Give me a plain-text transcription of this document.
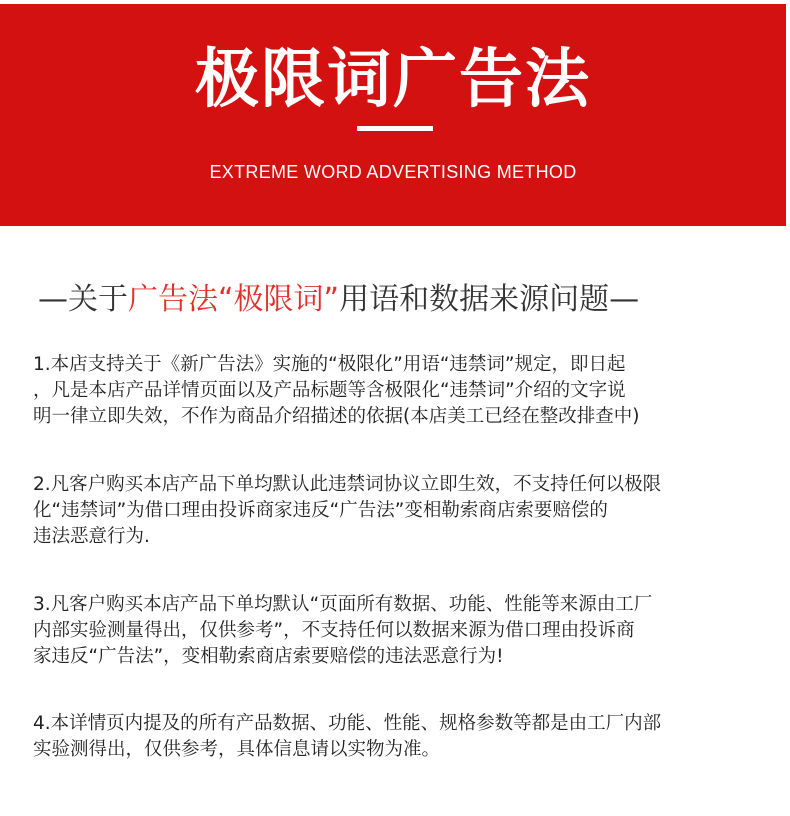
极限词广告法
EXTREME WORD ADVERTISING METHOD
—关于广告法“极限词”用语和数据来源问题—
1.本店支持关于《新广告法》实施的“极限化”用语“违禁词”规定，即日起
，凡是本店产品详情页面以及产品标题等含极限化“违禁词”介绍的文字说
明一律立即失效，不作为商品介绍描述的依据(本店美工已经在整改排查中)
2.凡客户购买本店产品下单均默认此违禁词协议立即生效，不支持任何以极限
化“违禁词”为借口理由投诉商家违反“广告法”变相勒索商店索要赔偿的
违法恶意行为.
3.凡客户购买本店产品下单均默认“页面所有数据、功能、性能等来源由工厂
内部实验测量得出，仅供参考”，不支持任何以数据来源为借口理由投诉商
家违反“广告法”，变相勒索商店索要赔偿的违法恶意行为!
4.本详情页内提及的所有产品数据、功能、性能、规格参数等都是由工厂内部
实验测得出，仅供参考，具体信息请以实物为准。
